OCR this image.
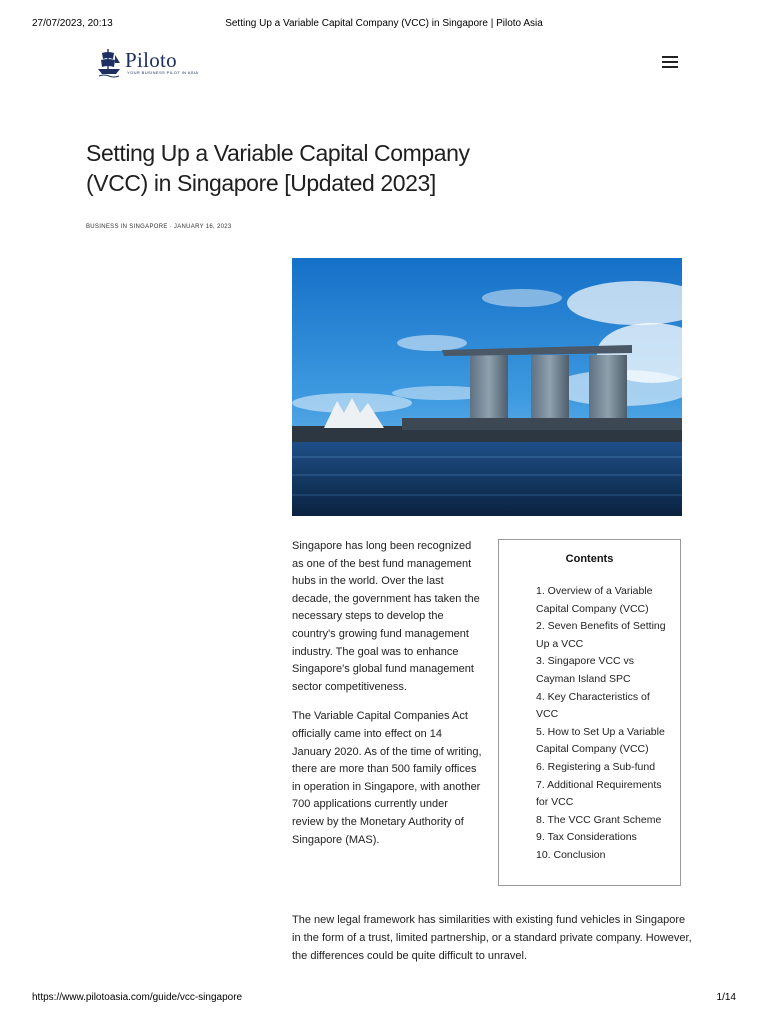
27/07/2023, 20:13	Setting Up a Variable Capital Company (VCC) in Singapore | Piloto Asia
Piloto
YOUR BUSINESS PILOT IN ASIA
Setting Up a Variable Capital Company (VCC) in Singapore [Updated 2023]
BUSINESS IN SINGAPORE · JANUARY 16, 2023

Singapore has long been recognized as one of the best fund management hubs in the world. Over the last decade, the government has taken the necessary steps to develop the country's growing fund management industry. The goal was to enhance Singapore's global fund management sector competitiveness.

The Variable Capital Companies Act officially came into effect on 14 January 2020. As of the time of writing, there are more than 500 family offices in operation in Singapore, with another 700 applications currently under review by the Monetary Authority of Singapore (MAS).

Contents
1. Overview of a Variable Capital Company (VCC)
2. Seven Benefits of Setting Up a VCC
3. Singapore VCC vs Cayman Island SPC
4. Key Characteristics of VCC
5. How to Set Up a Variable Capital Company (VCC)
6. Registering a Sub-fund
7. Additional Requirements for VCC
8. The VCC Grant Scheme
9. Tax Considerations
10. Conclusion

The new legal framework has similarities with existing fund vehicles in Singapore in the form of a trust, limited partnership, or a standard private company. However, the differences could be quite difficult to unravel.

https://www.pilotoasia.com/guide/vcc-singapore	1/14
